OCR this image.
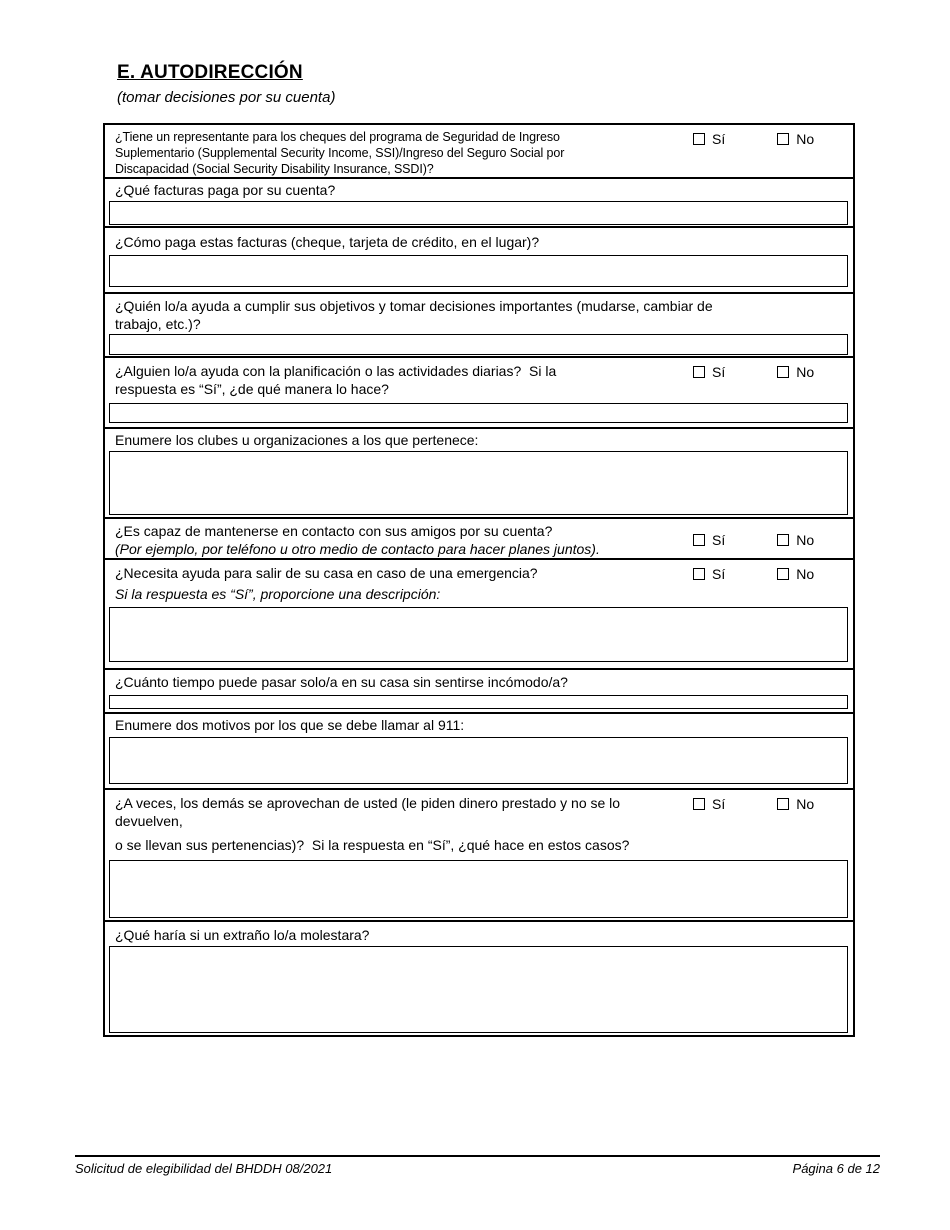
E. AUTODIRECCIÓN
(tomar decisiones por su cuenta)
¿Tiene un representante para los cheques del programa de Seguridad de Ingreso
Suplementario (Supplemental Security Income, SSI)/Ingreso del Seguro Social por
Discapacidad (Social Security Disability Insurance, SSDI)?
Sí	No
¿Qué facturas paga por su cuenta?
¿Cómo paga estas facturas (cheque, tarjeta de crédito, en el lugar)?
¿Quién lo/a ayuda a cumplir sus objetivos y tomar decisiones importantes (mudarse, cambiar de
trabajo, etc.)?
¿Alguien lo/a ayuda con la planificación o las actividades diarias?  Si la
respuesta es “Sí”, ¿de qué manera lo hace?
Sí	No
Enumere los clubes u organizaciones a los que pertenece:
¿Es capaz de mantenerse en contacto con sus amigos por su cuenta?
(Por ejemplo, por teléfono u otro medio de contacto para hacer planes juntos).
Sí	No
¿Necesita ayuda para salir de su casa en caso de una emergencia?	Sí	No
Si la respuesta es “Sí”, proporcione una descripción:
¿Cuánto tiempo puede pasar solo/a en su casa sin sentirse incómodo/a?
Enumere dos motivos por los que se debe llamar al 911:
¿A veces, los demás se aprovechan de usted (le piden dinero prestado y no se lo
devuelven,
Sí	No
o se llevan sus pertenencias)?  Si la respuesta en “Sí”, ¿qué hace en estos casos?
¿Qué haría si un extraño lo/a molestara?
Solicitud de elegibilidad del BHDDH 08/2021	Página 6 de 12
